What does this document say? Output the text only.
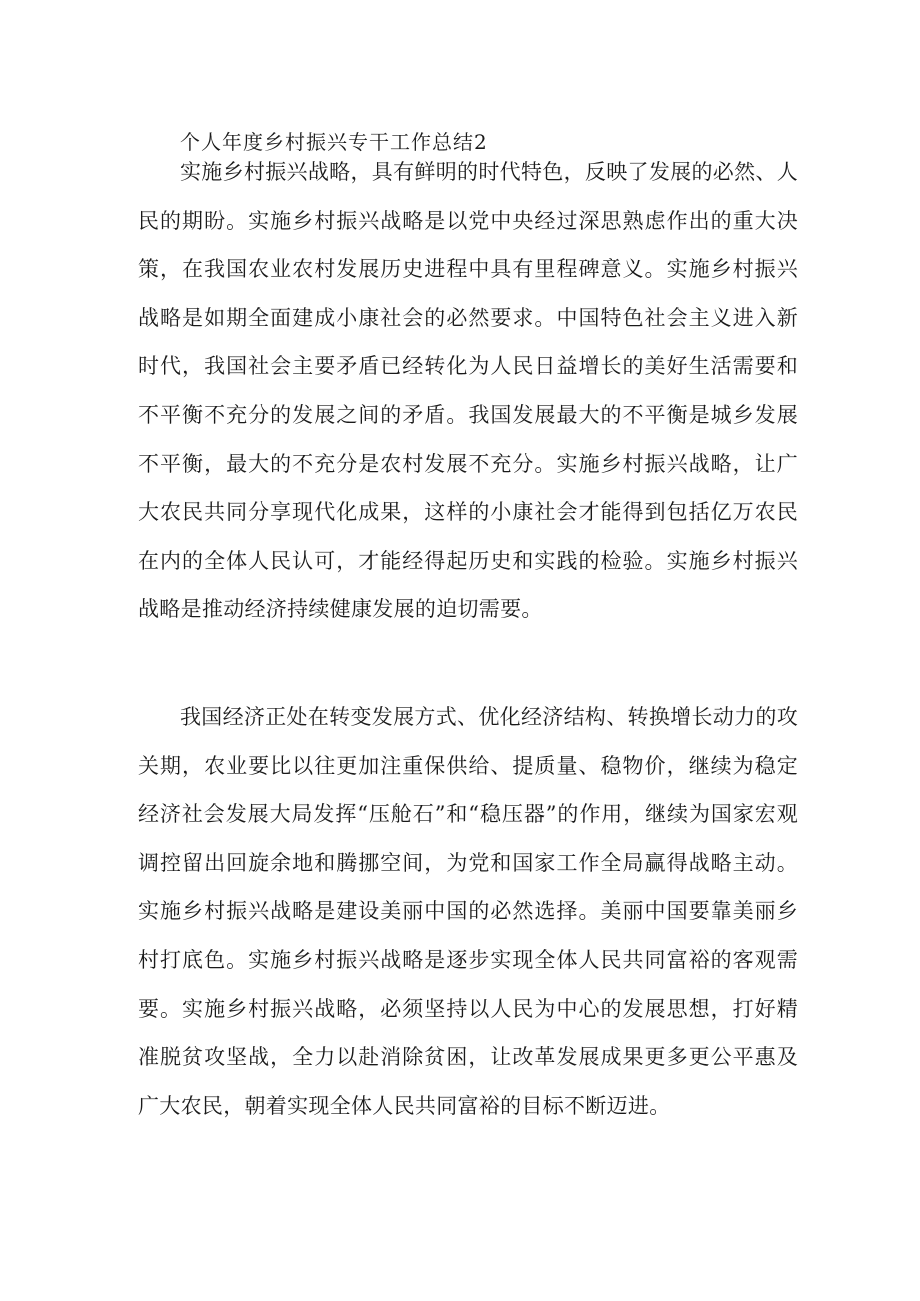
个人年度乡村振兴专干工作总结2

实施乡村振兴战略，具有鲜明的时代特色，反映了发展的必然、人民的期盼。实施乡村振兴战略是以党中央经过深思熟虑作出的重大决策，在我国农业农村发展历史进程中具有里程碑意义。实施乡村振兴战略是如期全面建成小康社会的必然要求。中国特色社会主义进入新时代，我国社会主要矛盾已经转化为人民日益增长的美好生活需要和不平衡不充分的发展之间的矛盾。我国发展最大的不平衡是城乡发展不平衡，最大的不充分是农村发展不充分。实施乡村振兴战略，让广大农民共同分享现代化成果，这样的小康社会才能得到包括亿万农民在内的全体人民认可，才能经得起历史和实践的检验。实施乡村振兴战略是推动经济持续健康发展的迫切需要。

我国经济正处在转变发展方式、优化经济结构、转换增长动力的攻关期，农业要比以往更加注重保供给、提质量、稳物价，继续为稳定经济社会发展大局发挥“压舱石”和“稳压器”的作用，继续为国家宏观调控留出回旋余地和腾挪空间，为党和国家工作全局赢得战略主动。实施乡村振兴战略是建设美丽中国的必然选择。美丽中国要靠美丽乡村打底色。实施乡村振兴战略是逐步实现全体人民共同富裕的客观需要。实施乡村振兴战略，必须坚持以人民为中心的发展思想，打好精准脱贫攻坚战，全力以赴消除贫困，让改革发展成果更多更公平惠及广大农民，朝着实现全体人民共同富裕的目标不断迈进。
